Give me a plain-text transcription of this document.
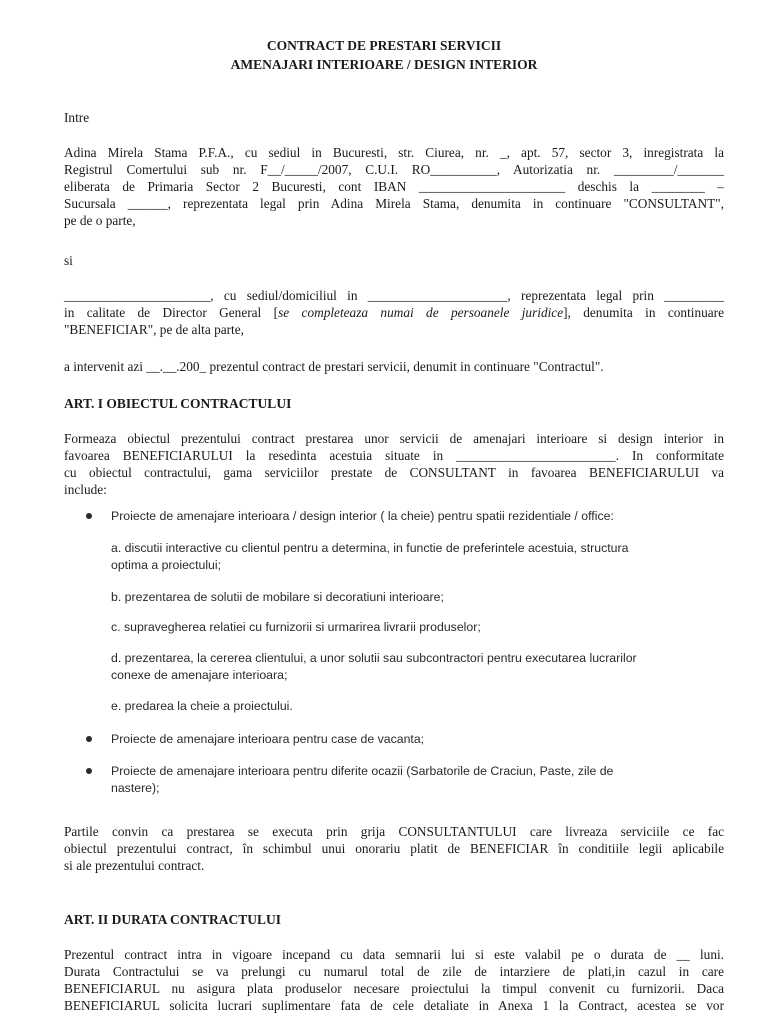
CONTRACT DE PRESTARI SERVICII
AMENAJARI INTERIOARE / DESIGN INTERIOR
Intre
Adina Mirela Stama P.F.A., cu sediul in Bucuresti, str. Ciurea, nr. _, apt. 57, sector 3, inregistrata la
Registrul Comertului sub nr. F__/_____/2007, C.U.I. RO__________, Autorizatia nr. _________/_______
eliberata de Primaria Sector 2 Bucuresti, cont IBAN ______________________ deschis la ________ –
Sucursala ______, reprezentata legal prin Adina Mirela Stama, denumita in continuare "CONSULTANT",
pe de o parte,
si
______________________, cu sediul/domiciliul in _____________________, reprezentata legal prin _________
in calitate de Director General [se completeaza numai de persoanele juridice], denumita in continuare
"BENEFICIAR", pe de alta parte,
a intervenit azi __.__.200_ prezentul contract de prestari servicii, denumit in continuare "Contractul".
ART. I OBIECTUL CONTRACTULUI
Formeaza obiectul prezentului contract prestarea unor servicii de amenajari interioare si design interior in
favoarea BENEFICIARULUI la resedinta acestuia situate in ________________________. In conformitate
cu obiectul contractului, gama serviciilor prestate de CONSULTANT in favoarea BENEFICIARULUI va
include:
Proiecte de amenajare interioara / design interior ( la cheie) pentru spatii rezidentiale / office:
a. discutii interactive cu clientul pentru a determina, in functie de preferintele acestuia, structura
optima a proiectului;
b. prezentarea de solutii de mobilare si decoratiuni interioare;
c. supravegherea relatiei cu furnizorii si urmarirea livrarii produselor;
d. prezentarea, la cererea clientului, a unor solutii sau subcontractori pentru executarea lucrarilor
conexe de amenajare interioara;
e. predarea la cheie a proiectului.
Proiecte de amenajare interioara pentru case de vacanta;
Proiecte de amenajare interioara pentru diferite ocazii (Sarbatorile de Craciun, Paste, zile de
nastere);
Partile convin ca prestarea se executa prin grija CONSULTANTULUI care livreaza serviciile ce fac
obiectul prezentului contract, în schimbul unui onorariu platit de BENEFICIAR în conditiile legii aplicabile
si ale prezentului contract.
ART. II DURATA CONTRACTULUI
Prezentul contract intra in vigoare incepand cu data semnarii lui si este valabil pe o durata de __ luni.
Durata Contractului se va prelungi cu numarul total de zile de intarziere de plati,in cazul in care
BENEFICIARUL nu asigura plata produselor necesare proiectului la timpul convenit cu furnizorii. Daca
BENEFICIARUL solicita lucrari suplimentare fata de cele detaliate in Anexa 1 la Contract, acestea se vor
